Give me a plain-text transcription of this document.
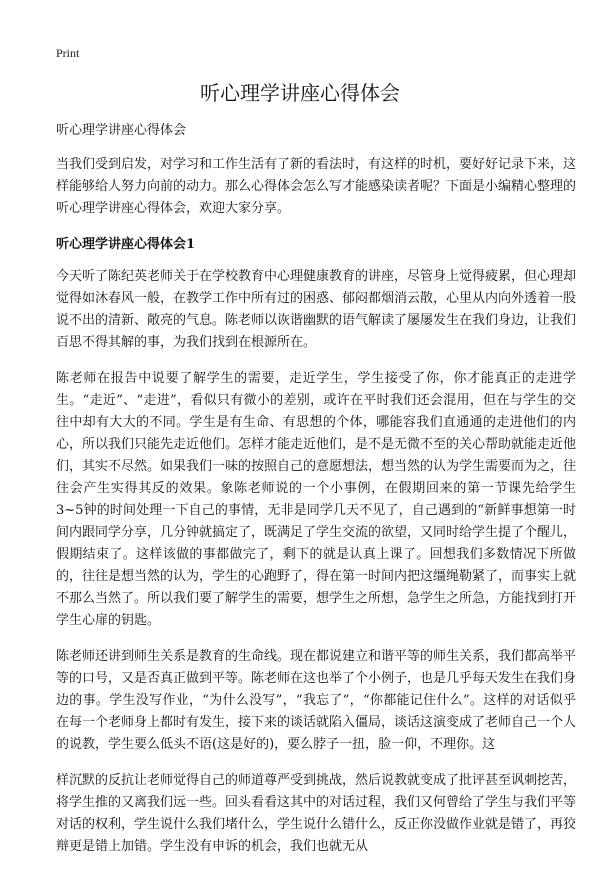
Print
听心理学讲座心得体会

听心理学讲座心得体会

当我们受到启发，对学习和工作生活有了新的看法时，有这样的时机，要好好记录下来，这样能够给人努力向前的动力。那么心得体会怎么写才能感染读者呢？下面是小编精心整理的听心理学讲座心得体会，欢迎大家分享。

听心理学讲座心得体会1

今天听了陈纪英老师关于在学校教育中心理健康教育的讲座，尽管身上觉得疲累，但心理却觉得如沐春风一般，在教学工作中所有过的困惑、郁闷都烟消云散，心里从内向外透着一股说不出的清新、敞亮的气息。陈老师以诙谐幽默的语气解读了屡屡发生在我们身边，让我们百思不得其解的事，为我们找到在根源所在。

陈老师在报告中说要了解学生的需要，走近学生，学生接受了你，你才能真正的走进学生。“走近”、“走进”，看似只有微小的差别，或许在平时我们还会混用，但在与学生的交往中却有大大的不同。学生是有生命、有思想的个体，哪能容我们直通通的走进他们的内心，所以我们只能先走近他们。怎样才能走近他们，是不是无微不至的关心帮助就能走近他们，其实不尽然。如果我们一味的按照自己的意愿想法，想当然的认为学生需要而为之，往往会产生实得其反的效果。象陈老师说的一个小事例，在假期回来的第一节课先给学生3~5钟的时间处理一下自己的事情，无非是同学几天不见了，自己遇到的“新鲜事想第一时间内跟同学分享，几分钟就搞定了，既满足了学生交流的欲望，又同时给学生提了个醒儿，假期结束了。这样该做的事都做完了，剩下的就是认真上课了。回想我们多数情况下所做的，往往是想当然的认为，学生的心跑野了，得在第一时间内把这缰绳勒紧了，而事实上就不那么当然了。所以我们要了解学生的需要，想学生之所想，急学生之所急，方能找到打开学生心扉的钥匙。

陈老师还讲到师生关系是教育的生命线。现在都说建立和谐平等的师生关系，我们都高举平等的口号，又是否真正做到平等。陈老师在这也举了个小例子，也是几乎每天发生在我们身边的事。学生没写作业，“为什么没写”，“我忘了”，“你都能记住什么”。这样的对话似乎在每一个老师身上都时有发生，接下来的谈话就陷入僵局，谈话这演变成了老师自己一个人的说教，学生要么低头不语(这是好的)，要么脖子一扭，脸一仰，不理你。这

样沉默的反抗让老师觉得自己的师道尊严受到挑战，然后说教就变成了批评甚至讽刺挖苦，将学生推的又离我们远一些。回头看看这其中的对话过程，我们又何曾给了学生与我们平等对话的权利，学生说什么我们堵什么，学生说什么错什么，反正你没做作业就是错了，再狡辩更是错上加错。学生没有申诉的机会，我们也就无从
